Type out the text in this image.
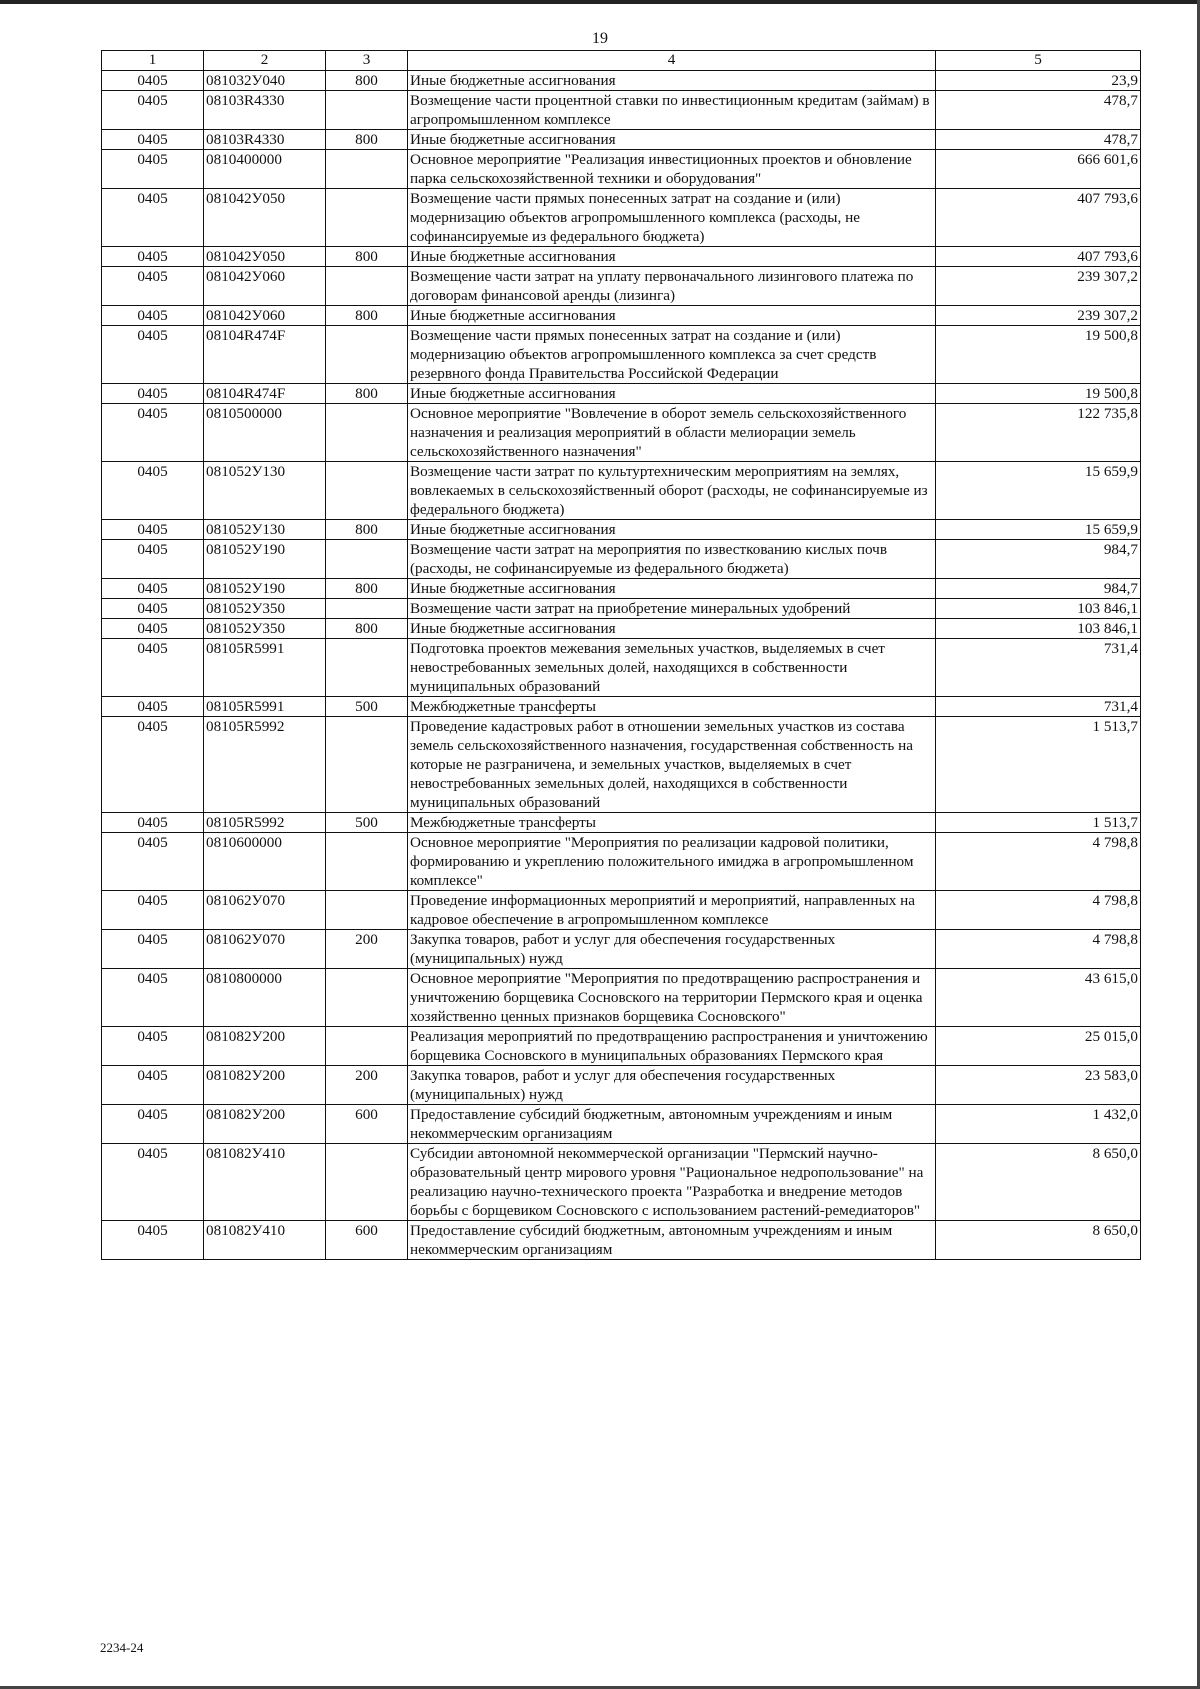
19
1	2	3	4	5
0405	081032У040	800	Иные бюджетные ассигнования	23,9
0405	08103R4330		Возмещение части процентной ставки по инвестиционным кредитам (займам) в агропромышленном комплексе	478,7
0405	08103R4330	800	Иные бюджетные ассигнования	478,7
0405	0810400000		Основное мероприятие "Реализация инвестиционных проектов и обновление парка сельскохозяйственной техники и оборудования"	666 601,6
0405	081042У050		Возмещение части прямых понесенных затрат на создание и (или) модернизацию объектов агропромышленного комплекса (расходы, не софинансируемые из федерального бюджета)	407 793,6
0405	081042У050	800	Иные бюджетные ассигнования	407 793,6
0405	081042У060		Возмещение части затрат на уплату первоначального лизингового платежа по договорам финансовой аренды (лизинга)	239 307,2
0405	081042У060	800	Иные бюджетные ассигнования	239 307,2
0405	08104R474F		Возмещение части прямых понесенных затрат на создание и (или) модернизацию объектов агропромышленного комплекса за счет средств резервного фонда Правительства Российской Федерации	19 500,8
0405	08104R474F	800	Иные бюджетные ассигнования	19 500,8
0405	0810500000		Основное мероприятие "Вовлечение в оборот земель сельскохозяйственного назначения и реализация мероприятий в области мелиорации земель сельскохозяйственного назначения"	122 735,8
0405	081052У130		Возмещение части затрат по культуртехническим мероприятиям на землях, вовлекаемых в сельскохозяйственный оборот (расходы, не софинансируемые из федерального бюджета)	15 659,9
0405	081052У130	800	Иные бюджетные ассигнования	15 659,9
0405	081052У190		Возмещение части затрат на мероприятия по известкованию кислых почв (расходы, не софинансируемые из федерального бюджета)	984,7
0405	081052У190	800	Иные бюджетные ассигнования	984,7
0405	081052У350		Возмещение части затрат на приобретение минеральных удобрений	103 846,1
0405	081052У350	800	Иные бюджетные ассигнования	103 846,1
0405	08105R5991		Подготовка проектов межевания земельных участков, выделяемых в счет невостребованных земельных долей, находящихся в собственности муниципальных образований	731,4
0405	08105R5991	500	Межбюджетные трансферты	731,4
0405	08105R5992		Проведение кадастровых работ в отношении земельных участков из состава земель сельскохозяйственного назначения, государственная собственность на которые не разграничена, и земельных участков, выделяемых в счет невостребованных земельных долей, находящихся в собственности муниципальных образований	1 513,7
0405	08105R5992	500	Межбюджетные трансферты	1 513,7
0405	0810600000		Основное мероприятие "Мероприятия по реализации кадровой политики, формированию и укреплению положительного имиджа в агропромышленном комплексе"	4 798,8
0405	081062У070		Проведение информационных мероприятий и мероприятий, направленных на кадровое обеспечение в агропромышленном комплексе	4 798,8
0405	081062У070	200	Закупка товаров, работ и услуг для обеспечения государственных (муниципальных) нужд	4 798,8
0405	0810800000		Основное мероприятие "Мероприятия по предотвращению распространения и уничтожению борщевика Сосновского на территории Пермского края и оценка хозяйственно ценных признаков борщевика Сосновского"	43 615,0
0405	081082У200		Реализация мероприятий по предотвращению распространения и уничтожению борщевика Сосновского в муниципальных образованиях Пермского края	25 015,0
0405	081082У200	200	Закупка товаров, работ и услуг для обеспечения государственных (муниципальных) нужд	23 583,0
0405	081082У200	600	Предоставление субсидий бюджетным, автономным учреждениям и иным некоммерческим организациям	1 432,0
0405	081082У410		Субсидии автономной некоммерческой организации "Пермский научно-образовательный центр мирового уровня "Рациональное недропользование" на реализацию научно-технического проекта "Разработка и внедрение методов борьбы с борщевиком Сосновского с использованием растений-ремедиаторов"	8 650,0
0405	081082У410	600	Предоставление субсидий бюджетным, автономным учреждениям и иным некоммерческим организациям	8 650,0
2234-24
